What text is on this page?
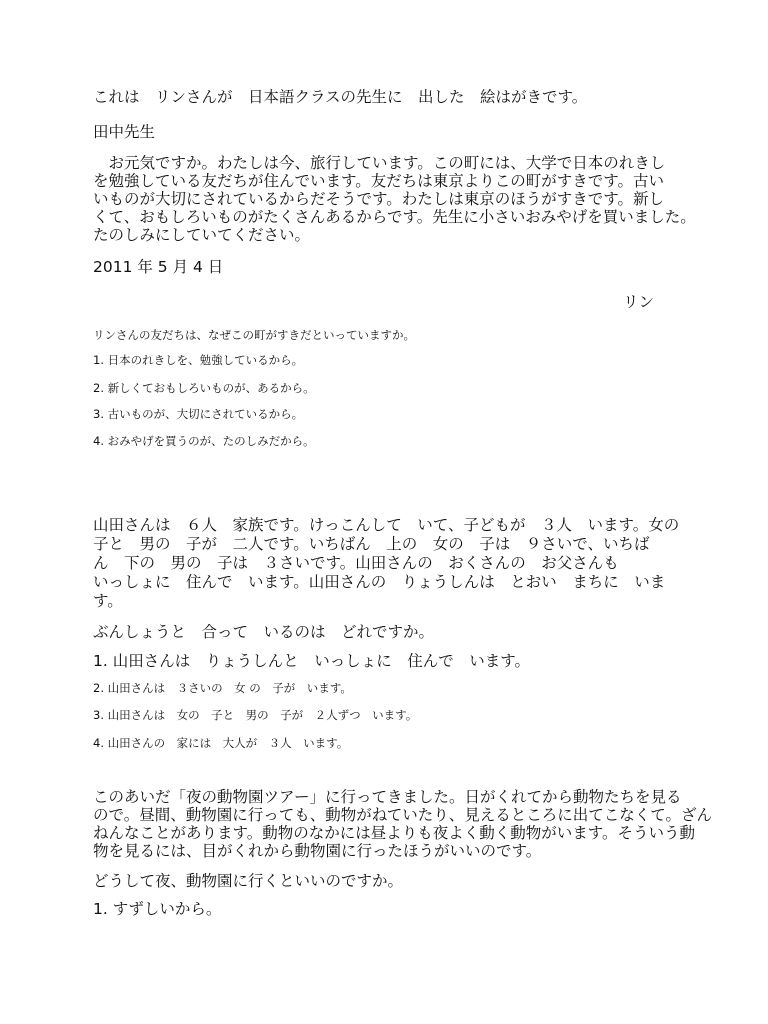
これは　リンさんが　日本語クラスの先生に　出した　絵はがきです。
田中先生
　お元気ですか。わたしは今、旅行しています。この町には、大学で日本のれきし
を勉強している友だちが住んでいます。友だちは東京よりこの町がすきです。古い
いものが大切にされているからだそうです。わたしは東京のほうがすきです。新し
くて、おもしろいものがたくさんあるからです。先生に小さいおみやげを買いました。
たのしみにしていてください。
2011 年 5 月 4 日
リン
リンさんの友だちは、なぜこの町がすきだといっていますか。
1. 日本のれきしを、勉強しているから。
2. 新しくておもしろいものが、あるから。
3. 古いものが、大切にされているから。
4. おみやげを買うのが、たのしみだから。
山田さんは　６人　家族です。けっこんして　いて、子どもが　３人　います。女の
子と　男の　子が　二人です。いちばん　上の　女の　子は　９さいで、いちば
ん　下の　男の　子は　３さいです。山田さんの　おくさんの　お父さんも
いっしょに　住んで　います。山田さんの　りょうしんは　とおい　まちに　いま
す。
ぶんしょうと　合って　いるのは　どれですか。
1. 山田さんは　りょうしんと　いっしょに　住んで　います。
2. 山田さんは　３さいの　女 の　子が　います。
3. 山田さんは　女の　子と　男の　子が　２人ずつ　います。
4. 山田さんの　家には　大人が　３人　います。
このあいだ「夜の動物園ツアー」に行ってきました。日がくれてから動物たちを見る
ので。昼間、動物園に行っても、動物がねていたり、見えるところに出てこなくて。ざん
ねんなことがあります。動物のなかには昼よりも夜よく動く動物がいます。そういう動
物を見るには、目がくれから動物園に行ったほうがいいのです。
どうして夜、動物園に行くといいのですか。
1. すずしいから。
